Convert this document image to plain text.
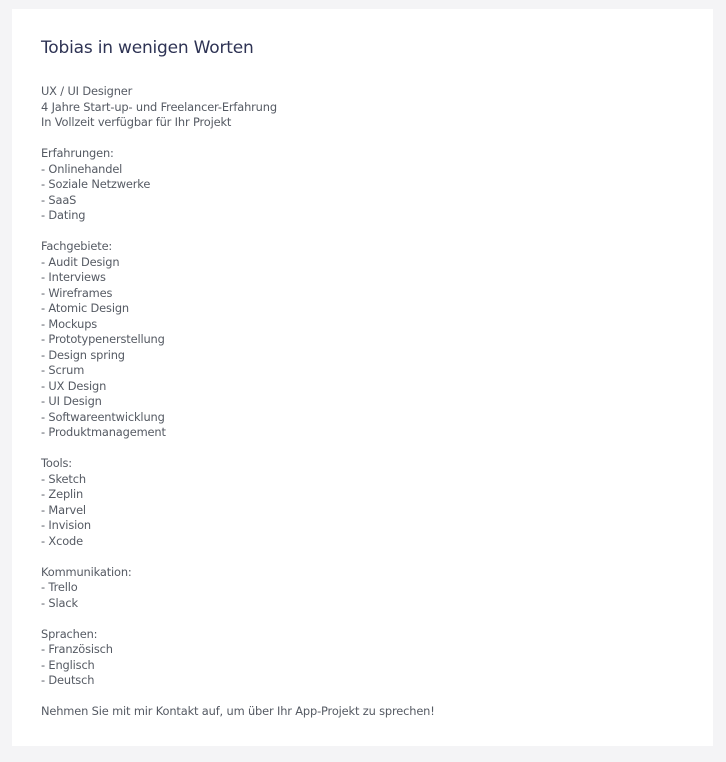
Tobias in wenigen Worten
UX / UI Designer
4 Jahre Start-up- und Freelancer-Erfahrung
In Vollzeit verfügbar für Ihr Projekt
Erfahrungen:
- Onlinehandel
- Soziale Netzwerke
- SaaS
- Dating
Fachgebiete:
- Audit Design
- Interviews
- Wireframes
- Atomic Design
- Mockups
- Prototypenerstellung
- Design spring
- Scrum
- UX Design
- UI Design
- Softwareentwicklung
- Produktmanagement
Tools:
- Sketch
- Zeplin
- Marvel
- Invision
- Xcode
Kommunikation:
- Trello
- Slack
Sprachen:
- Französisch
- Englisch
- Deutsch
Nehmen Sie mit mir Kontakt auf, um über Ihr App-Projekt zu sprechen!
